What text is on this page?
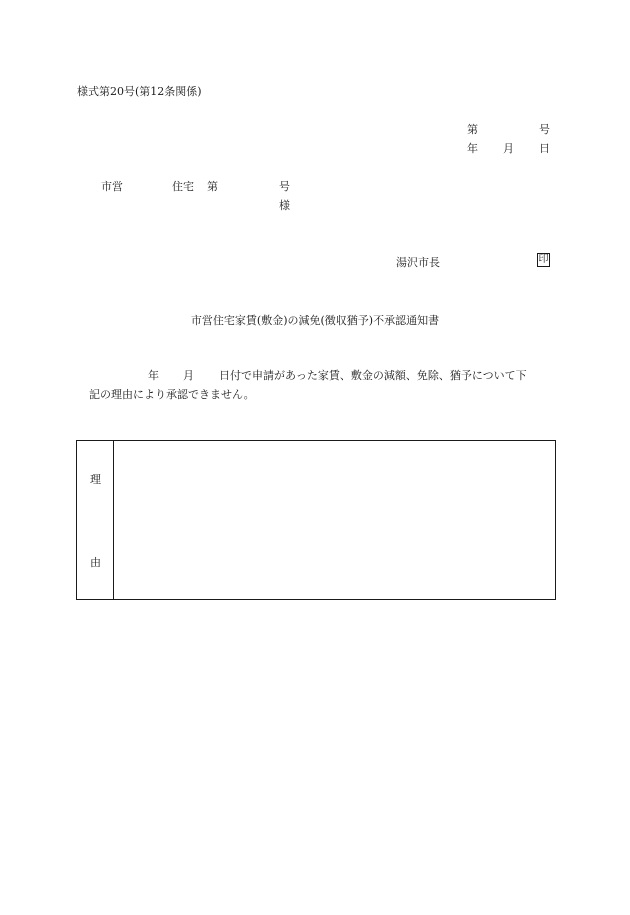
様式第20号(第12条関係)
第	号
年 月 日
市営	住宅 第	号
様
湯沢市長	印
市営住宅家賃(敷金)の減免(徴収猶予)不承認通知書
年 月 日付で申請があった家賃、敷金の減額、免除、猶予について下
記の理由により承認できません。
理
由
